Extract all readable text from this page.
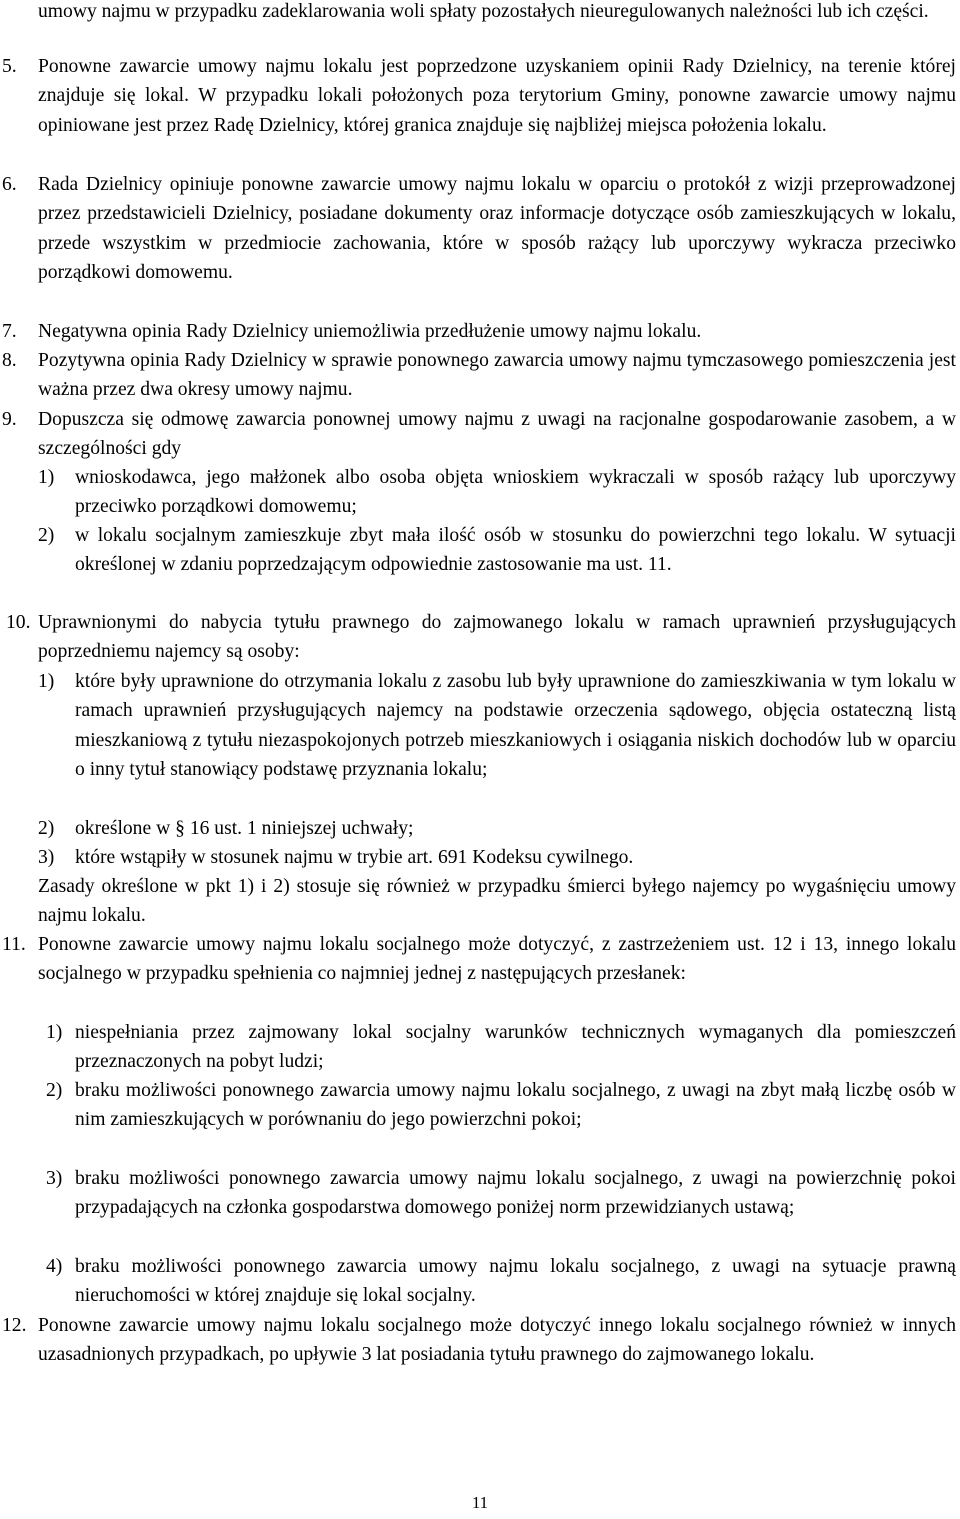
umowy najmu w przypadku zadeklarowania woli spłaty pozostałych nieuregulowanych należności lub ich części.

5. Ponowne zawarcie umowy najmu lokalu jest poprzedzone uzyskaniem opinii Rady Dzielnicy, na terenie której znajduje się lokal. W przypadku lokali położonych poza terytorium Gminy, ponowne zawarcie umowy najmu opiniowane jest przez Radę Dzielnicy, której granica znajduje się najbliżej miejsca położenia lokalu.

6. Rada Dzielnicy opiniuje ponowne zawarcie umowy najmu lokalu w oparciu o protokół z wizji przeprowadzonej przez przedstawicieli Dzielnicy, posiadane dokumenty oraz informacje dotyczące osób zamieszkujących w lokalu, przede wszystkim w przedmiocie zachowania, które w sposób rażący lub uporczywy wykracza przeciwko porządkowi domowemu.

7. Negatywna opinia Rady Dzielnicy uniemożliwia przedłużenie umowy najmu lokalu.

8. Pozytywna opinia Rady Dzielnicy w sprawie ponownego zawarcia umowy najmu tymczasowego pomieszczenia jest ważna przez dwa okresy umowy najmu.

9. Dopuszcza się odmowę zawarcia ponownej umowy najmu z uwagi na racjonalne gospodarowanie zasobem, a w szczególności gdy

1) wnioskodawca, jego małżonek albo osoba objęta wnioskiem wykraczali w sposób rażący lub uporczywy przeciwko porządkowi domowemu;

2) w lokalu socjalnym zamieszkuje zbyt mała ilość osób w stosunku do powierzchni tego lokalu. W sytuacji określonej w zdaniu poprzedzającym odpowiednie zastosowanie ma ust. 11.

10. Uprawnionymi do nabycia tytułu prawnego do zajmowanego lokalu w ramach uprawnień przysługujących poprzedniemu najemcy są osoby:

1) które były uprawnione do otrzymania lokalu z zasobu lub były uprawnione do zamieszkiwania w tym lokalu w ramach uprawnień przysługujących najemcy na podstawie orzeczenia sądowego, objęcia ostateczną listą mieszkaniową z tytułu niezaspokojonych potrzeb mieszkaniowych i osiągania niskich dochodów lub w oparciu o inny tytuł stanowiący podstawę przyznania lokalu;

2) określone w § 16 ust. 1 niniejszej uchwały;

3) które wstąpiły w stosunek najmu w trybie art. 691 Kodeksu cywilnego.

Zasady określone w pkt 1) i 2) stosuje się również w przypadku śmierci byłego najemcy po wygaśnięciu umowy najmu lokalu.

11. Ponowne zawarcie umowy najmu lokalu socjalnego może dotyczyć, z zastrzeżeniem ust. 12 i 13, innego lokalu socjalnego w przypadku spełnienia co najmniej jednej z następujących przesłanek:

1) niespełniania przez zajmowany lokal socjalny warunków technicznych wymaganych dla pomieszczeń przeznaczonych na pobyt ludzi;

2) braku możliwości ponownego zawarcia umowy najmu lokalu socjalnego, z uwagi na zbyt małą liczbę osób w nim zamieszkujących w porównaniu do jego powierzchni pokoi;

3) braku możliwości ponownego zawarcia umowy najmu lokalu socjalnego, z uwagi na powierzchnię pokoi przypadających na członka gospodarstwa domowego poniżej norm przewidzianych ustawą;

4) braku możliwości ponownego zawarcia umowy najmu lokalu socjalnego, z uwagi na sytuacje prawną nieruchomości w której znajduje się lokal socjalny.

12. Ponowne zawarcie umowy najmu lokalu socjalnego może dotyczyć innego lokalu socjalnego również w innych uzasadnionych przypadkach, po upływie 3 lat posiadania tytułu prawnego do zajmowanego lokalu.

11
